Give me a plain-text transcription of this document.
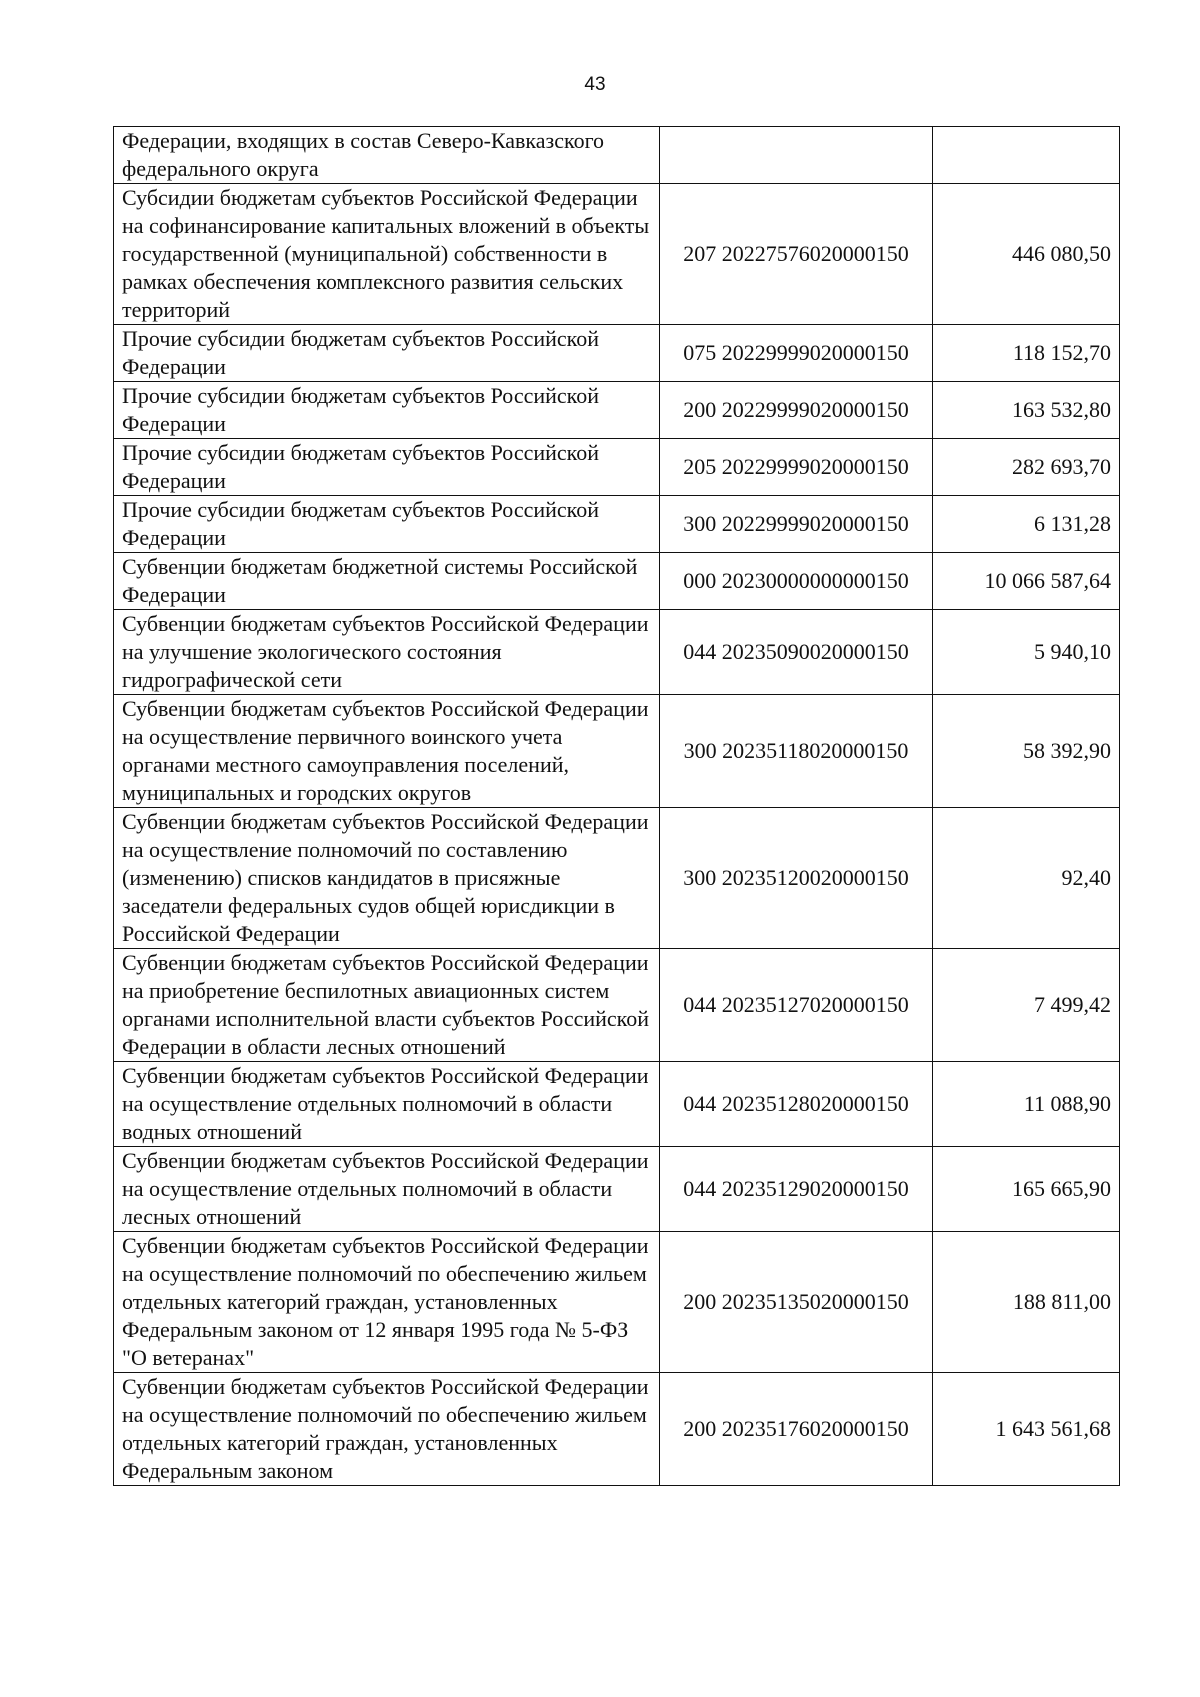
43
Федерации, входящих в состав Северо-Кавказского федерального округа		
Субсидии бюджетам субъектов Российской Федерации на софинансирование капитальных вложений в объекты государственной (муниципальной) собственности в рамках обеспечения комплексного развития сельских территорий	207 20227576020000150	446 080,50
Прочие субсидии бюджетам субъектов Российской Федерации	075 20229999020000150	118 152,70
Прочие субсидии бюджетам субъектов Российской Федерации	200 20229999020000150	163 532,80
Прочие субсидии бюджетам субъектов Российской Федерации	205 20229999020000150	282 693,70
Прочие субсидии бюджетам субъектов Российской Федерации	300 20229999020000150	6 131,28
Субвенции бюджетам бюджетной системы Российской Федерации	000 20230000000000150	10 066 587,64
Субвенции бюджетам субъектов Российской Федерации на улучшение экологического состояния гидрографической сети	044 20235090020000150	5 940,10
Субвенции бюджетам субъектов Российской Федерации на осуществление первичного воинского учета органами местного самоуправления поселений, муниципальных и городских округов	300 20235118020000150	58 392,90
Субвенции бюджетам субъектов Российской Федерации на осуществление полномочий по составлению (изменению) списков кандидатов в присяжные заседатели федеральных судов общей юрисдикции в Российской Федерации	300 20235120020000150	92,40
Субвенции бюджетам субъектов Российской Федерации на приобретение беспилотных авиационных систем органами исполнительной власти субъектов Российской Федерации в области лесных отношений	044 20235127020000150	7 499,42
Субвенции бюджетам субъектов Российской Федерации на осуществление отдельных полномочий в области водных отношений	044 20235128020000150	11 088,90
Субвенции бюджетам субъектов Российской Федерации на осуществление отдельных полномочий в области лесных отношений	044 20235129020000150	165 665,90
Субвенции бюджетам субъектов Российской Федерации на осуществление полномочий по обеспечению жильем отдельных категорий граждан, установленных Федеральным законом от 12 января 1995 года № 5-ФЗ "О ветеранах"	200 20235135020000150	188 811,00
Субвенции бюджетам субъектов Российской Федерации на осуществление полномочий по обеспечению жильем отдельных категорий граждан, установленных Федеральным законом	200 20235176020000150	1 643 561,68
